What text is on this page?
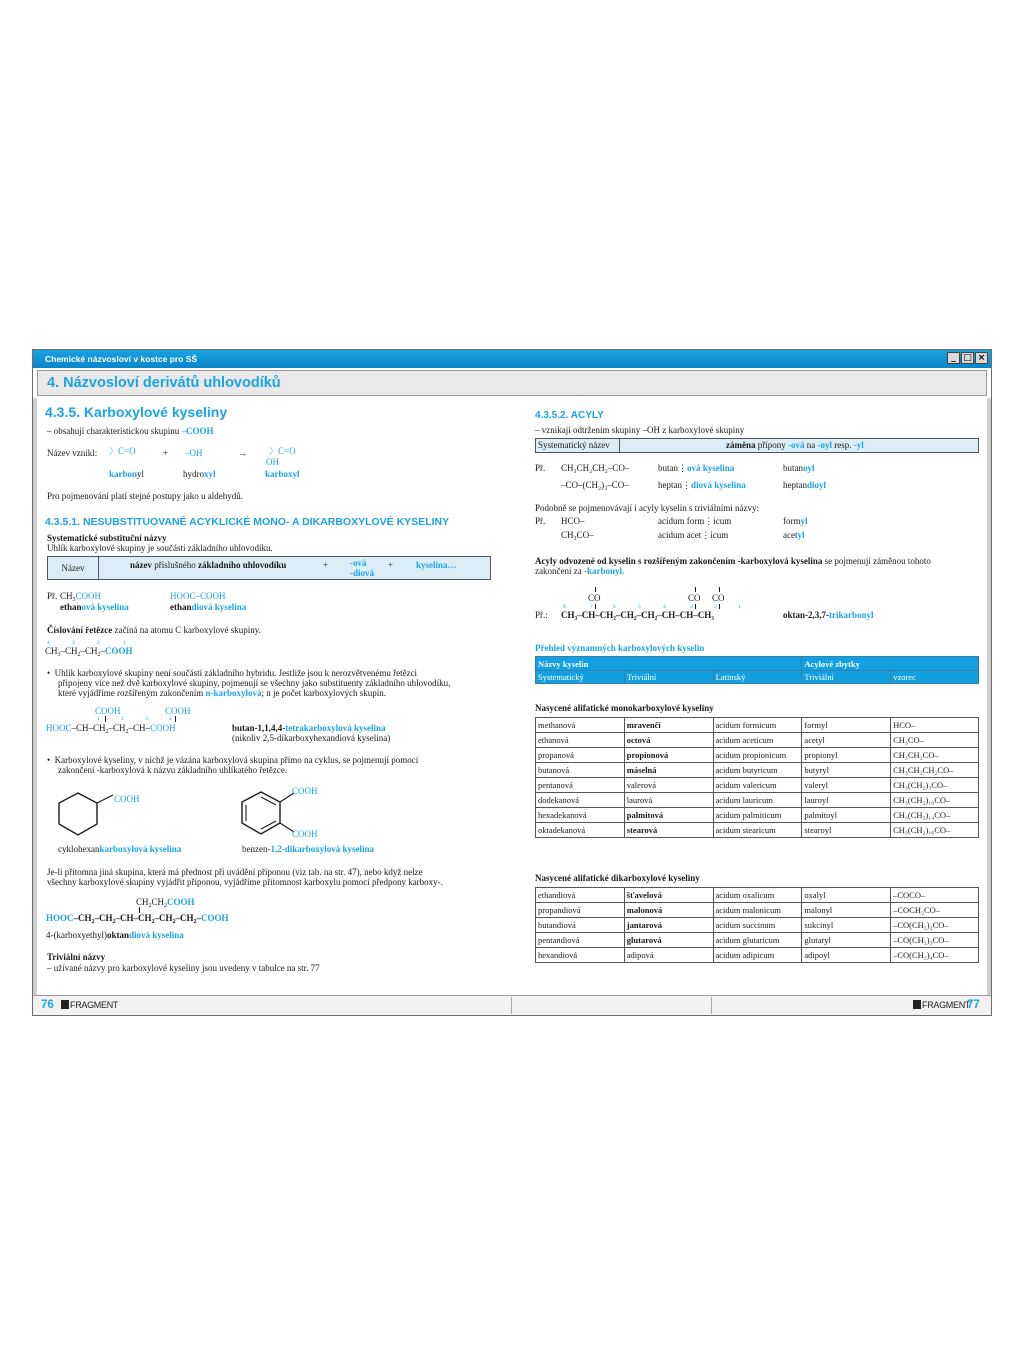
Chemické názvosloví v kostce pro SŠ	_ □ ×
4. Názvosloví derivátů uhlovodíků
4.3.5. Karboxylové kyseliny
– obsahují charakteristickou skupinu –COOH
Název vznikl: 〉C=O	+ –OH	→ 〉C=O
OH
karbonyl	hydroxyl	karboxyl
Pro pojmenování platí stejné postupy jako u aldehydů.
4.3.5.1. NESUBSTITUOVANÉ ACYKLICKÉ MONO- A DIKARBOXYLOVÉ KYSELINY
Systematické substituční názvy
Uhlík karboxylové skupiny je součástí základního uhlovodíku.
Název	název příslušného základního uhlovodíku	+ -ová
-diová
+	kyselina…
Př. $CH_3COOH$
ethanová kyselina
HOOC–COOH
ethandiová kyselina
Číslování řetězce začíná na atomu C karboxylové skupiny.
4	3	2	1
$CH_3-CH_2-CH_2$–COOH
•  Uhlík karboxylové skupiny není součástí základního hybridu. Jestliže jsou k nerozvětvenému řetězci
připojeny více než dvě karboxylové skupiny, pojmenují se všechny jako substituenty základního uhlovodíku,
které vyjádříme rozšířeným zakončením n-karboxylová; n je počet karboxylových skupin.
COOH	COOH
1	2	3	4
HOOC–$CH-CH_2-CH_2-CH$–COOH	butan-1,1,4,4-tetrakarboxylová kyselina
(nikoliv 2,5-dikarboxyhexandiová kyselina)
•  Karboxylové kyseliny, v nichž je vázána karboxylová skupina přímo na cyklus, se pojmenují pomocí
zakončení -karboxylová k názvu základního uhlíkatého řetězce.
COOH
cyklohexankarboxylová kyselina
COOH
COOH
benzen-1,2-dikarboxylová kyselina
Je-li přítomna jiná skupina, která má přednost při uvádění příponou (viz tab. na str. 47), nebo když nelze
všechny karboxylové skupiny vyjádřit příponou, vyjádříme přítomnost karboxylu pomocí předpony karboxy-.
$CH_2CH_2COOH$
HOOC–$CH_2-CH_2-CH-CH_2-CH_2-CH_2$–COOH
4-(karboxyethyl)oktandiová kyselina
Triviální názvy
– užívané názvy pro karboxylové kyseliny jsou uvedeny v tabulce na str. 77
4.3.5.2. ACYLY
– vznikají odtržením skupiny –OH z karboxylové skupiny
Systematický název	záměna přípony -ová na -oyl resp. -yl
Př. CH₃CH₂CH₂–CO–	butan⋮ová kyselina	butanoyl
–CO–(CH₂)₃–CO–	heptan⋮diová kyselina	heptandioyl
Podobně se pojmenovávají i acyly kyselin s triviálními názvy:
Př. HCO–	acidum form⋮icum	formyl
CH₃CO–	acidum acet⋮icum	acetyl
Acyly odvozené od kyselin s rozšířeným zakončením -karboxylová kyselina se pojmenují záměnou tohoto
zakončení za -karbonyl.
CO	CO CO
8	7	6	5	4	3	2	1
Př.: CH₃–CH–CH₂–CH₂–CH₂–CH–CH–CH₃	oktan-2,3,7-trikarbonyl
Přehled významných karboxylových kyselin
Názvy kyselin			Acylové zbytky	
Systematický	Triviální	Latinský	Triviální	vzorec
Nasycené alifatické monokarboxylové kyseliny
methanová	mravenčí	acidum formicum	formyl	HCO–
ethanová	octová	acidum aceticum	acetyl	CH₃CO–
propanová	propionová	acidum propionicum	propionyl	CH₃CH₂CO–
butanová	máselná	acidum butyricum	butyryl	CH₃CH₂CH₂CO–
pentanová	valerová	acidum valericum	valeryl	CH₃(CH₂)₃CO–
dodekanová	laurová	acidum lauricum	lauroyl	CH₃(CH₂)₁₀CO–
hexadekanová	palmitová	acidum palmiticum	palmitoyl	CH₃(CH₂)₁₄CO–
oktadekanová	stearová	acidum stearicum	stearoyl	CH₃(CH₂)₁₆CO–
Nasycené alifatické dikarboxylové kyseliny
ethandiová	šťavelová	acidum oxalicum	oxalyl	–COCO–
propandiová	malonová	acidum malonicum	malonyl	–COCH₂CO–
butandiová	jantarová	acidum succinum	sukcinyl	–CO(CH₂)₂CO–
pentandiová	glutarová	acidum glutaricum	glutaryl	–CO(CH₂)₃CO–
hexandiová	adipová	acidum adipicum	adipoyl	–CO(CH₂)₄CO–
76	FRAGMENT	FRAGMENT
77
